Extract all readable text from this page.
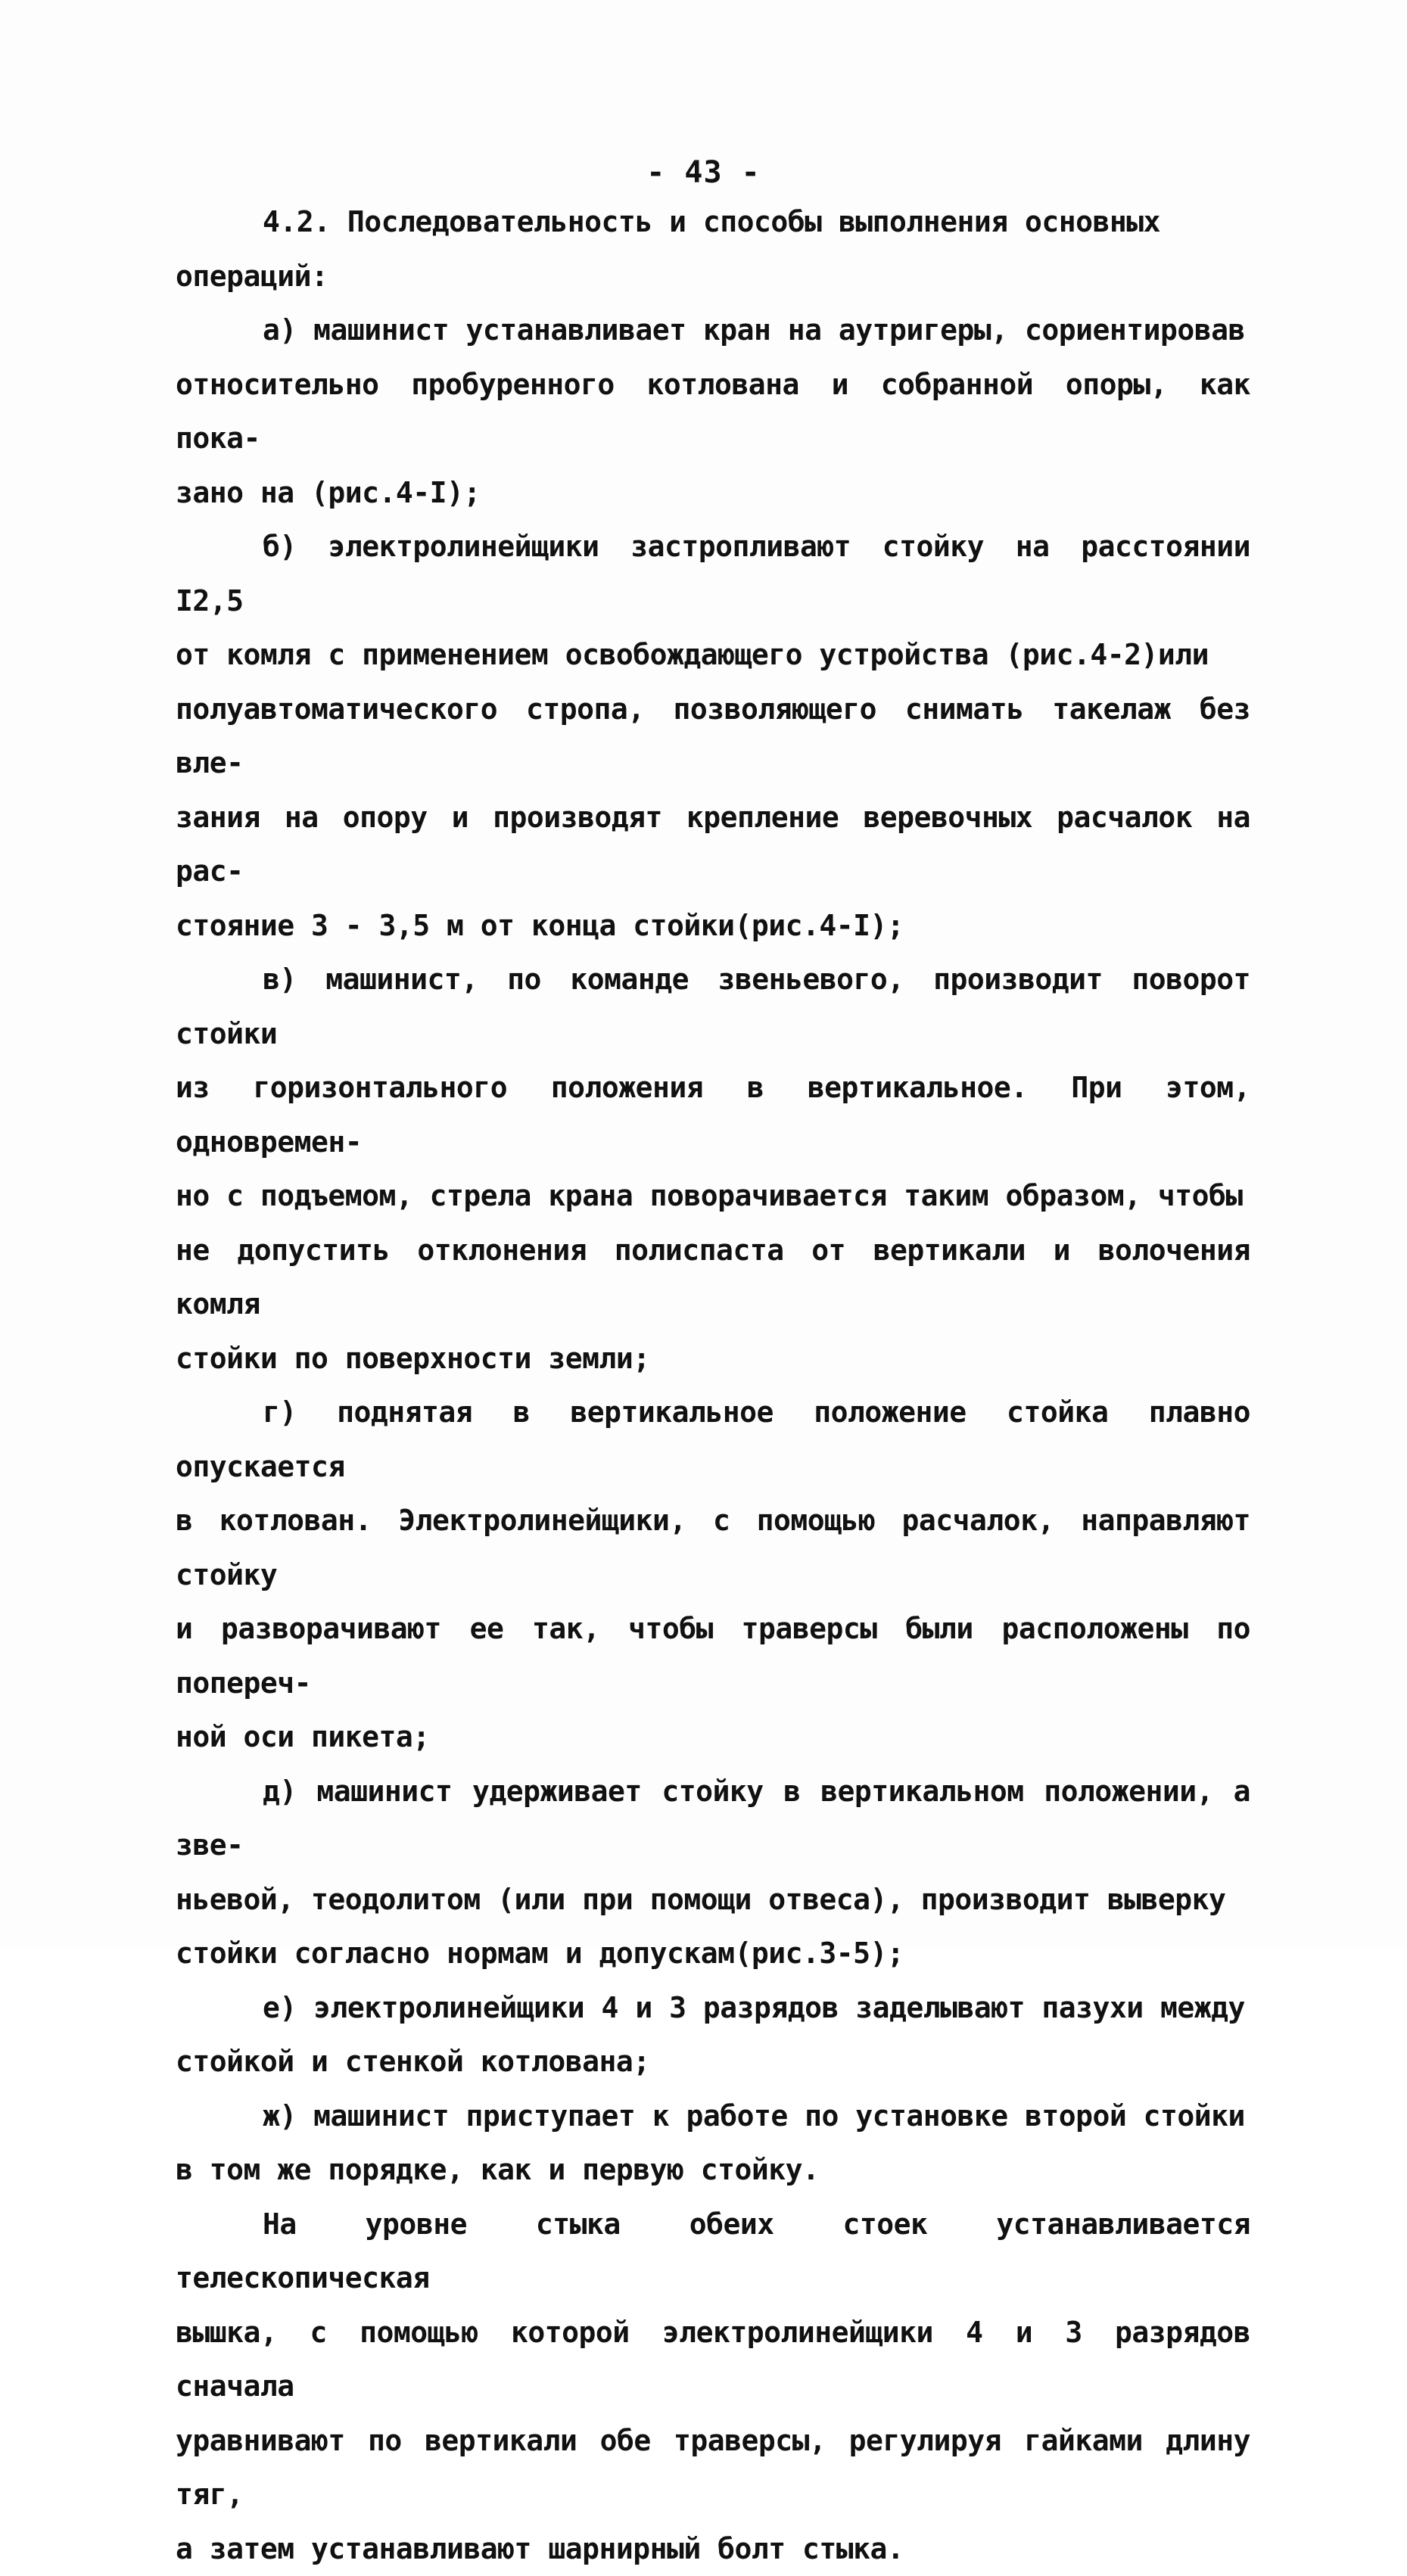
- 43 -

4.2. Последовательность и способы выполнения основных
операций:

а) машинист устанавливает кран на аутригеры, сориентировав
относительно пробуренного котлована и собранной опоры, как пока-
зано на (рис.4-I);

б) электролинейщики застропливают стойку на расстоянии I2,5
от комля с применением освобождающего устройства (рис.4-2)или
полуавтоматического стропа, позволяющего снимать такелаж без вле-
зания на опору и производят крепление веревочных расчалок на рас-
стояние 3 - 3,5 м от конца стойки(рис.4-I);

в) машинист, по команде звеньевого, производит поворот стойки
из горизонтального положения в вертикальное. При этом, одновремен-
но с подъемом, стрела крана поворачивается таким образом, чтобы
не допустить отклонения полиспаста от вертикали и волочения комля
стойки по поверхности земли;

г) поднятая в вертикальное положение стойка плавно опускается
в котлован. Электролинейщики, с помощью расчалок, направляют стойку
и разворачивают ее так, чтобы траверсы были расположены по попереч-
ной оси пикета;

д) машинист удерживает стойку в вертикальном положении, а зве-
ньевой, теодолитом (или при помощи отвеса), производит выверку
стойки согласно нормам и допускам(рис.3-5);

е) электролинейщики 4 и 3 разрядов заделывают пазухи между
стойкой и стенкой котлована;

ж) машинист приступает к работе по установке второй стойки
в том же порядке, как и первую стойку.

На уровне стыка обеих стоек устанавливается телескопическая
вышка, с помощью которой электролинейщики 4 и 3 разрядов сначала
уравнивают по вертикали обе траверсы, регулируя гайками длину тяг,
а затем устанавливают шарнирный болт стыка.
